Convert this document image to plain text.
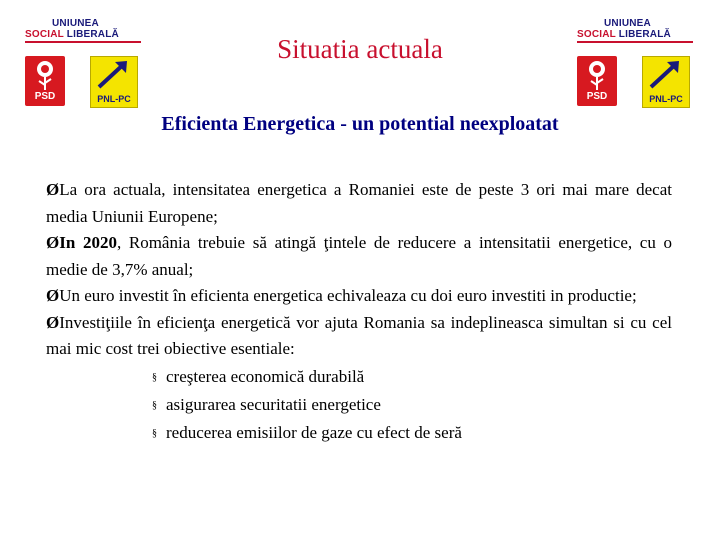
UNIUNEA
SOCIAL LIBERALĂ
PSD	PNL-PC
UNIUNEA
SOCIAL LIBERALĂ
PSD	PNL-PC
Situatia actuala
Eficienta Energetica - un potential neexploatat

ØLa ora actuala, intensitatea energetica a Romaniei este de peste 3 ori mai mare decat media Uniunii Europene;

ØIn 2020, România trebuie să atingă ţintele de reducere a intensitatii energetice, cu o medie de 3,7% anual;

ØUn euro investit în eficienta energetica echivaleaza cu doi euro investiti in productie;

ØInvestiţiile în eficienţa energetică vor ajuta Romania sa indeplineasca simultan si cu cel mai mic cost trei obiective esentiale:

§ creşterea economică durabilă

§ asigurarea securitatii energetice

§ reducerea emisiilor de gaze cu efect de seră
